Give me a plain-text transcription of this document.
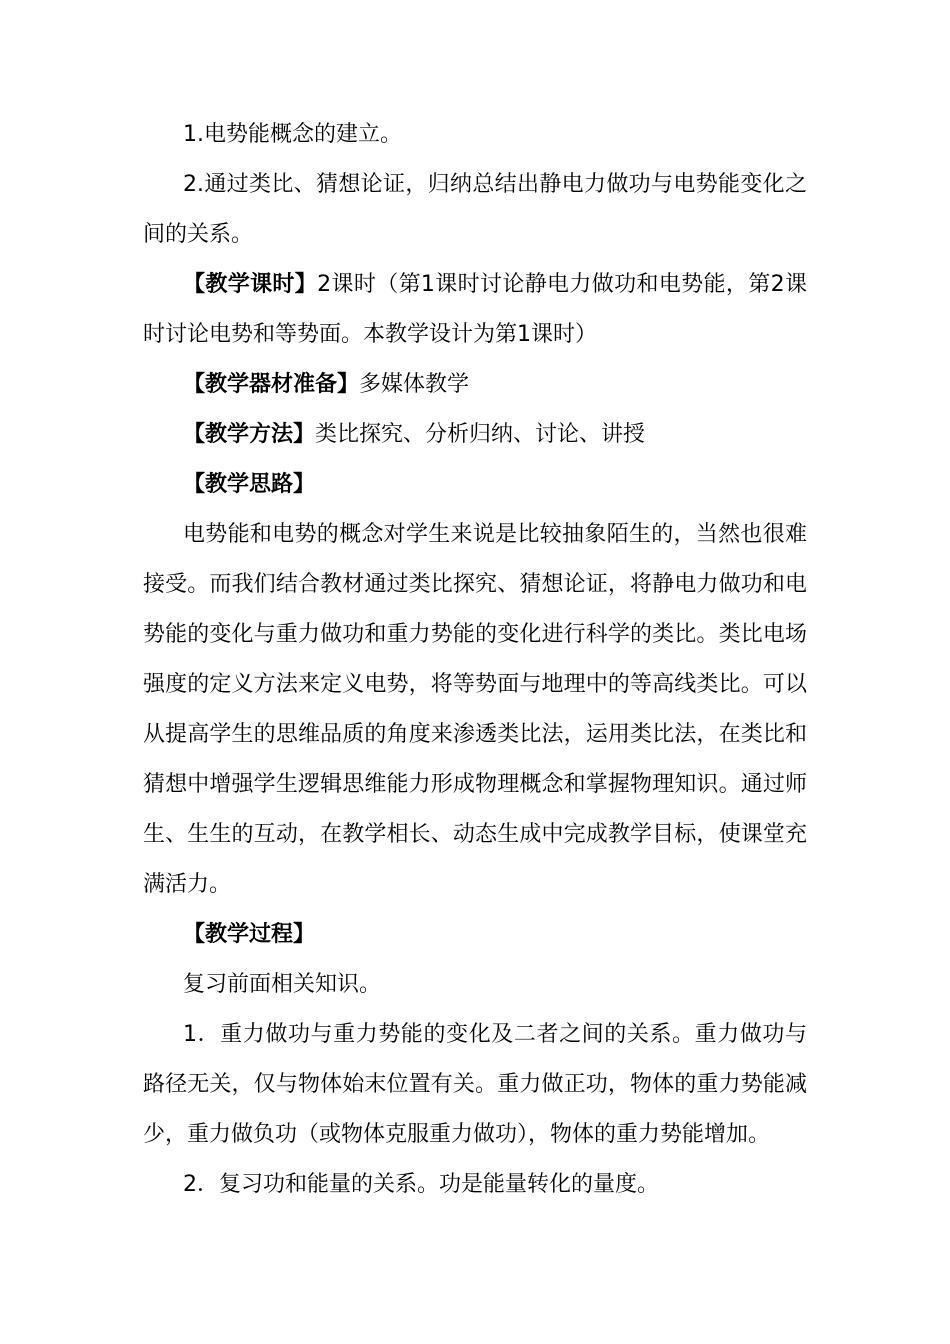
1.电势能概念的建立。

2.通过类比、猜想论证，归纳总结出静电力做功与电势能变化之间的关系。

【教学课时】2课时（第1课时讨论静电力做功和电势能，第2课时讨论电势和等势面。本教学设计为第1课时）

【教学器材准备】多媒体教学

【教学方法】类比探究、分析归纳、讨论、讲授

【教学思路】

电势能和电势的概念对学生来说是比较抽象陌生的，当然也很难接受。而我们结合教材通过类比探究、猜想论证，将静电力做功和电势能的变化与重力做功和重力势能的变化进行科学的类比。类比电场强度的定义方法来定义电势，将等势面与地理中的等高线类比。可以从提高学生的思维品质的角度来渗透类比法，运用类比法，在类比和猜想中增强学生逻辑思维能力形成物理概念和掌握物理知识。通过师生、生生的互动，在教学相长、动态生成中完成教学目标，使课堂充满活力。

【教学过程】

复习前面相关知识。

1．重力做功与重力势能的变化及二者之间的关系。重力做功与路径无关，仅与物体始末位置有关。重力做正功，物体的重力势能减少，重力做负功（或物体克服重力做功），物体的重力势能增加。

2．复习功和能量的关系。功是能量转化的量度。
